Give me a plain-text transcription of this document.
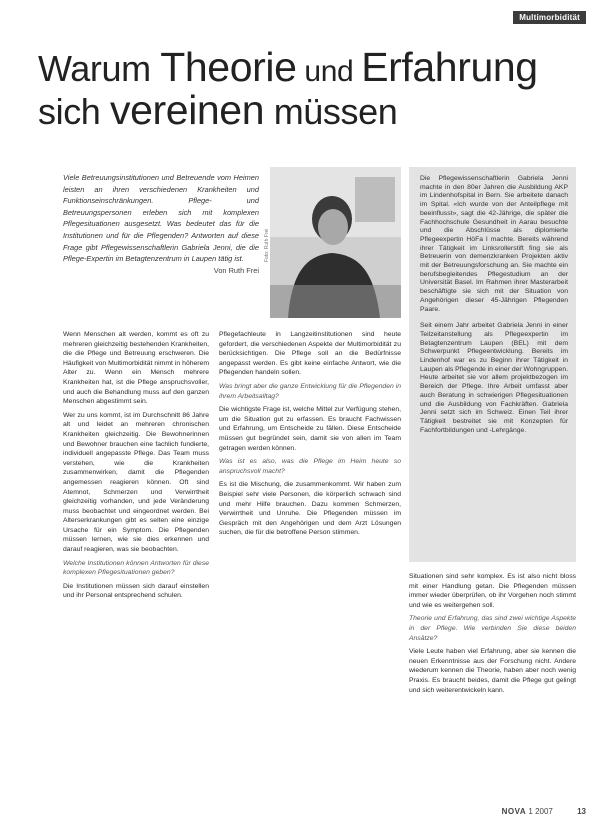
Multimorbidität
Warum Theorie und Erfahrung
sich vereinen müssen
Viele Betreuungsinstitutionen und Betreuende vom Heimen leisten an ihren verschiedenen Krankheiten und Funktionseinschränkungen. Pflege- und Betreuungspersonen erleben sich mit komplexen Pflegesituationen ausgesetzt. Was bedeutet das für die Institutionen und für die Pflegenden? Antworten auf diese Frage gibt Pflegewissenschaftlerin Gabriela Jenni, die die Pflege-Expertin im Betagtenzentrum in Laupen tätig ist.
Von Ruth Frei
Foto: Ruth Frei

Die Pflegewissenschaftlerin Gabriela Jenni machte in den 80er Jahren die Ausbildung AKP im Lindenhofspital in Bern. Sie arbeitete danach im Spital. «Ich wurde von der Anteilpflege mit beeinflusst», sagt die 42-Jährige, die später die Fachhochschule Gesundheit in Aarau besuchte und die Abschlüsse als diplomierte Pflegeexpertin HöFa I machte. Bereits während ihrer Tätigkeit im Linksrollerstift fing sie als Betreuerin von demenzkranken Projekten aktiv mit der Betreuungsforschung an. Sie machte ein berufsbegleitendes Pflegestudium an der Universität Basel. Im Rahmen ihrer Masterarbeit beschäftigte sie sich mit der Situation von Angehörigen dieser 45-Jährigen Pflegenden Paare.

Seit einem Jahr arbeitet Gabriela Jenni in einer Teilzeitanstellung als Pflegeexpertin im Betagtenzentrum Laupen (BEL) mit dem Schwerpunkt Pflegeentwicklung. Bereits im Lindenhof war es zu Beginn ihrer Tätigkeit in Laupen als Pflegende in einer der Wohngruppen. Heute arbeitet sie vor allem projektbezogen im Bereich der Pflege. Ihre Arbeit umfasst aber auch Beratung in schwierigen Pflegesituationen und die Ausbildung von Fachkräften. Gabriela Jenni setzt sich im Schweiz. Einen Teil ihrer Tätigkeit bestreitet sie mit Konzepten für Fachfortbildungen und -Lehrgänge.

Wenn Menschen alt werden, kommt es oft zu mehreren gleichzeitig bestehenden Krankheiten, die die Pflege und Betreuung erschweren. Die Häufigkeit von Multimorbidität nimmt in höherem Alter zu. Wenn ein Mensch mehrere Krankheiten hat, ist die Pflege anspruchsvoller, und auch die Behandlung muss auf den ganzen Menschen abgestimmt sein.

Wer zu uns kommt, ist im Durchschnitt 86 Jahre alt und leidet an mehreren chronischen Krankheiten gleichzeitig. Die Bewohnerinnen und Bewohner brauchen eine fachlich fundierte, individuell angepasste Pflege. Das Team muss verstehen, wie die Krankheiten zusammenwirken, damit die Pflegenden angemessen reagieren können. Oft sind Atemnot, Schmerzen und Verwirrtheit gleichzeitig vorhanden, und jede Veränderung muss beobachtet und eingeordnet werden. Bei Alterserkrankungen gibt es selten eine einzige Ursache für ein Symptom. Die Pflegenden müssen lernen, wie sie dies erkennen und darauf reagieren, was sie beobachten.

Welche Institutionen können Antworten für diese komplexen Pflegesituationen geben?

Die Institutionen müssen sich darauf einstellen und ihr Personal entsprechend schulen.

Pflegefachleute in Langzeitinstitutionen sind heute gefordert, die verschiedenen Aspekte der Multimorbidität zu berücksichtigen. Die Pflege soll an die Bedürfnisse angepasst werden. Es gibt keine einfache Antwort, wie die Pflegenden handeln sollen.

Was bringt aber die ganze Entwicklung für die Pflegenden in ihrem Arbeitsalltag?

Die wichtigste Frage ist, welche Mittel zur Verfügung stehen, um die Situation gut zu erfassen. Es braucht Fachwissen und Erfahrung, um Entscheide zu fällen. Diese Entscheide müssen gut begründet sein, damit sie von allen im Team getragen werden können.

Was ist es also, was die Pflege im Heim heute so anspruchsvoll macht?

Es ist die Mischung, die zusammenkommt. Wir haben zum Beispiel sehr viele Personen, die körperlich schwach sind und mehr Hilfe brauchen. Dazu kommen Schmerzen, Verwirrtheit und Unruhe. Die Pflegenden müssen im Gespräch mit den Angehörigen und dem Arzt Lösungen suchen, die für die betroffene Person stimmen.

Situationen sind sehr komplex. Es ist also nicht bloss mit einer Handlung getan. Die Pflegenden müssen immer wieder überprüfen, ob ihr Vorgehen noch stimmt und wie es weitergehen soll.

Theorie und Erfahrung, das sind zwei wichtige Aspekte in der Pflege. Wie verbinden Sie diese beiden Ansätze?

Viele Leute haben viel Erfahrung, aber sie kennen die neuen Erkenntnisse aus der Forschung nicht. Andere wiederum kennen die Theorie, haben aber noch wenig Praxis. Es braucht beides, damit die Pflege gut gelingt und sich weiterentwickeln kann.

NOVA 1 2007	13
